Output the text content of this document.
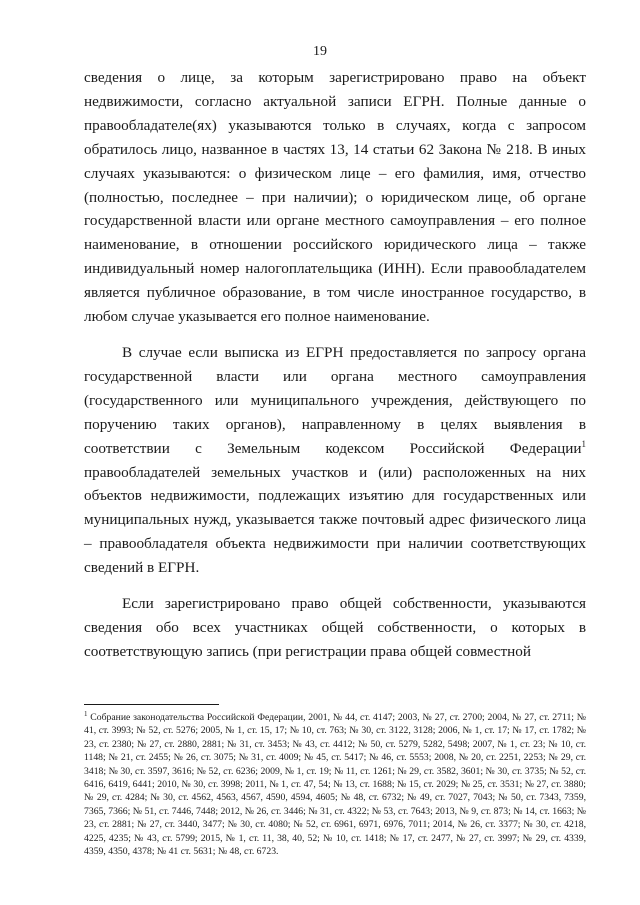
19

сведения о лице, за которым зарегистрировано право на объект недвижимости, согласно актуальной записи ЕГРН. Полные данные о правообладателе(ях) указываются только в случаях, когда с запросом обратилось лицо, названное в частях 13, 14 статьи 62 Закона № 218. В иных случаях указываются: о физическом лице – его фамилия, имя, отчество (полностью, последнее – при наличии); о юридическом лице, об органе государственной власти или органе местного самоуправления – его полное наименование, в отношении российского юридического лица – также индивидуальный номер налогоплательщика (ИНН). Если правообладателем является публичное образование, в том числе иностранное государство, в любом случае указывается его полное наименование.

В случае если выписка из ЕГРН предоставляется по запросу органа государственной власти или органа местного самоуправления (государственного или муниципального учреждения, действующего по поручению таких органов), направленному в целях выявления в соответствии с Земельным кодексом Российской Федерации$^1$ правообладателей земельных участков и (или) расположенных на них объектов недвижимости, подлежащих изъятию для государственных или муниципальных нужд, указывается также почтовый адрес физического лица – правообладателя объекта недвижимости при наличии соответствующих сведений в ЕГРН.

Если зарегистрировано право общей собственности, указываются сведения обо всех участниках общей собственности, о которых в соответствующую запись (при регистрации права общей совместной

$^1$ Собрание законодательства Российской Федерации, 2001, № 44, ст. 4147; 2003, № 27, ст. 2700; 2004, № 27, ст. 2711; № 41, ст. 3993; № 52, ст. 5276; 2005, № 1, ст. 15, 17; № 10, ст. 763; № 30, ст. 3122, 3128; 2006, № 1, ст. 17; № 17, ст. 1782; № 23, ст. 2380; № 27, ст. 2880, 2881; № 31, ст. 3453; № 43, ст. 4412; № 50, ст. 5279, 5282, 5498; 2007, № 1, ст. 23; № 10, ст. 1148; № 21, ст. 2455; № 26, ст. 3075; № 31, ст. 4009; № 45, ст. 5417; № 46, ст. 5553; 2008, № 20, ст. 2251, 2253; № 29, ст. 3418; № 30, ст. 3597, 3616; № 52, ст. 6236; 2009, № 1, ст. 19; № 11, ст. 1261; № 29, ст. 3582, 3601; № 30, ст. 3735; № 52, ст. 6416, 6419, 6441; 2010, № 30, ст. 3998; 2011, № 1, ст. 47, 54; № 13, ст. 1688; № 15, ст. 2029; № 25, ст. 3531; № 27, ст. 3880; № 29, ст. 4284; № 30, ст. 4562, 4563, 4567, 4590, 4594, 4605; № 48, ст. 6732; № 49, ст. 7027, 7043; № 50, ст. 7343, 7359, 7365, 7366; № 51, ст. 7446, 7448; 2012, № 26, ст. 3446; № 31, ст. 4322; № 53, ст. 7643; 2013, № 9, ст. 873; № 14, ст. 1663; № 23, ст. 2881; № 27, ст. 3440, 3477; № 30, ст. 4080; № 52, ст. 6961, 6971, 6976, 7011; 2014, № 26, ст. 3377; № 30, ст. 4218, 4225, 4235; № 43, ст. 5799; 2015, № 1, ст. 11, 38, 40, 52; № 10, ст. 1418; № 17, ст. 2477, № 27, ст. 3997; № 29, ст. 4339, 4359, 4350, 4378; № 41 ст. 5631; № 48, ст. 6723.
